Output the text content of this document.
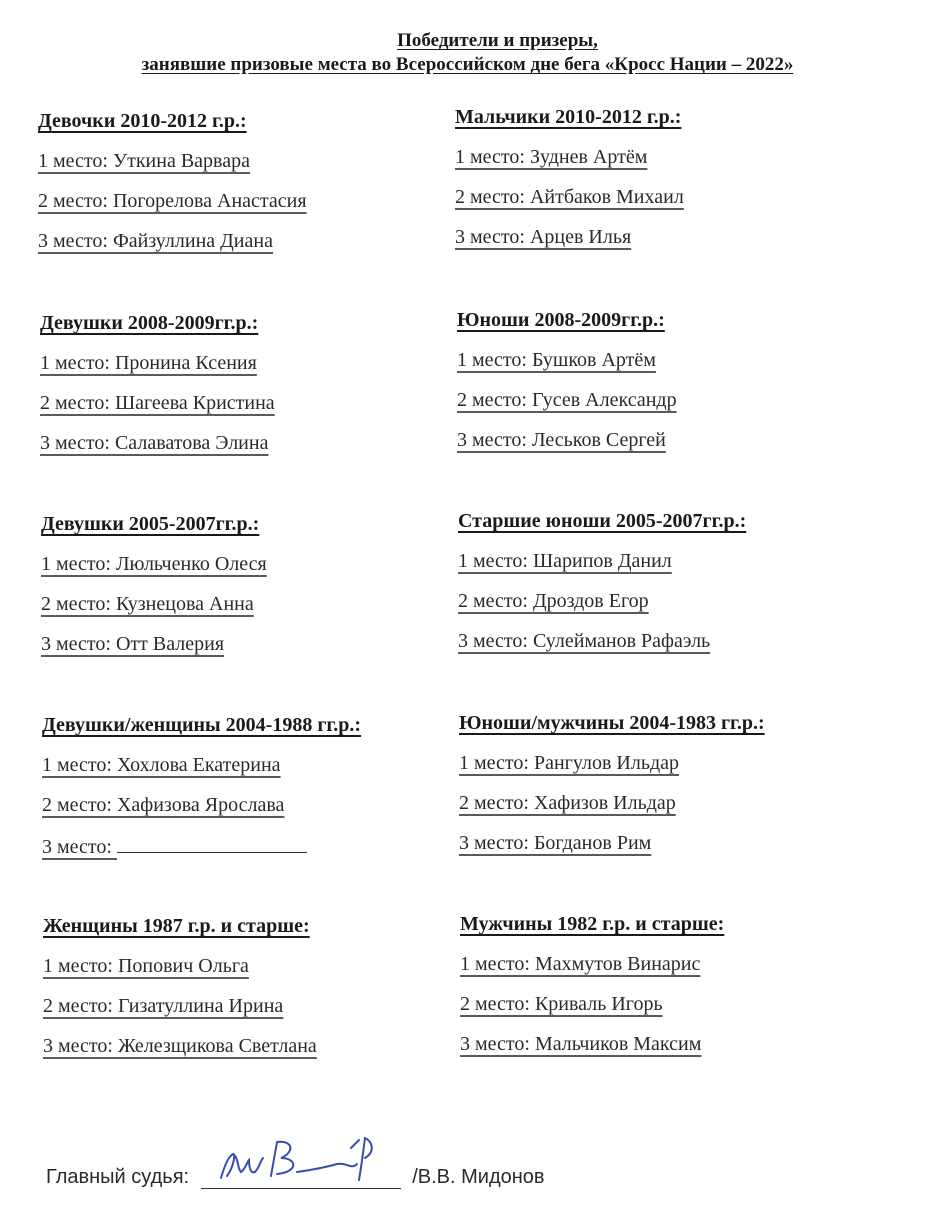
Победители и призеры,
занявшие призовые места во Всероссийском дне бега «Кросс Нации – 2022»
Девочки 2010-2012 г.р.:
1 место: Уткина Варвара
2 место: Погорелова Анастасия
3 место: Файзуллина Диана
Мальчики 2010-2012 г.р.:
1 место: Зуднев Артём
2 место: Айтбаков Михаил
3 место: Арцев Илья
Девушки 2008-2009гг.р.:
1 место: Пронина Ксения
2 место: Шагеева Кристина
3 место: Салаватова Элина
Юноши 2008-2009гг.р.:
1 место: Бушков Артём
2 место: Гусев Александр
3 место: Леськов Сергей
Девушки 2005-2007гг.р.:
1 место: Люльченко Олеся
2 место: Кузнецова Анна
3 место: Отт Валерия
Старшие юноши 2005-2007гг.р.:
1 место: Шарипов Данил
2 место: Дроздов Егор
3 место: Сулейманов Рафаэль
Девушки/женщины 2004-1988 гг.р.:
1 место: Хохлова Екатерина
2 место: Хафизова Ярослава
3 место:
Юноши/мужчины 2004-1983 гг.р.:
1 место: Рангулов Ильдар
2 место: Хафизов Ильдар
3 место: Богданов Рим
Женщины 1987 г.р. и старше:
1 место: Попович Ольга
2 место: Гизатуллина Ирина
3 место: Железщикова Светлана
Мужчины 1982 г.р. и старше:
1 место: Махмутов Винарис
2 место: Криваль Игорь
3 место: Мальчиков Максим
Главный судья:	/В.В. Мидонов
